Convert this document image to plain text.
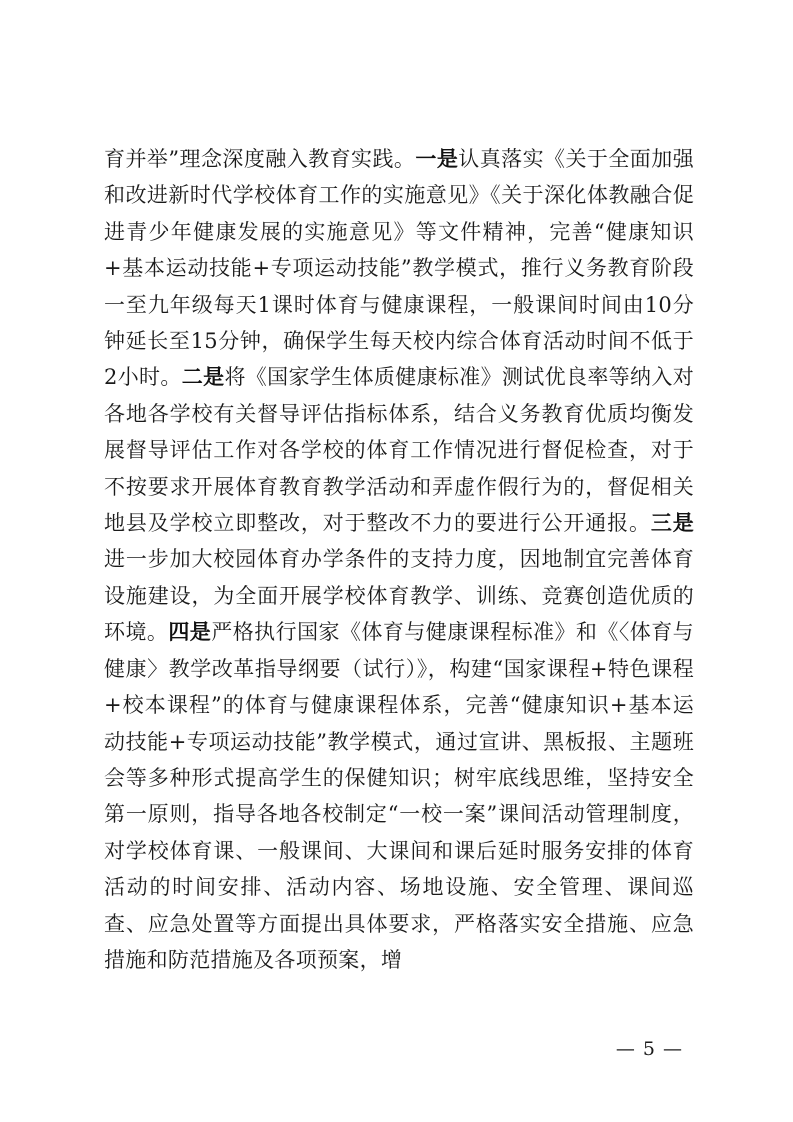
育并举”理念深度融入教育实践。一是认真落实《关于全面加强和改进新时代学校体育工作的实施意见》《关于深化体教融合促进青少年健康发展的实施意见》等文件精神，完善“健康知识+基本运动技能+专项运动技能”教学模式，推行义务教育阶段一至九年级每天1课时体育与健康课程，一般课间时间由10分钟延长至15分钟，确保学生每天校内综合体育活动时间不低于2小时。二是将《国家学生体质健康标准》测试优良率等纳入对各地各学校有关督导评估指标体系，结合义务教育优质均衡发展督导评估工作对各学校的体育工作情况进行督促检查，对于不按要求开展体育教育教学活动和弄虚作假行为的，督促相关地县及学校立即整改，对于整改不力的要进行公开通报。三是进一步加大校园体育办学条件的支持力度，因地制宜完善体育设施建设，为全面开展学校体育教学、训练、竞赛创造优质的环境。四是严格执行国家《体育与健康课程标准》和《〈体育与健康〉教学改革指导纲要（试行）》，构建“国家课程+特色课程+校本课程”的体育与健康课程体系，完善“健康知识+基本运动技能+专项运动技能”教学模式，通过宣讲、黑板报、主题班会等多种形式提高学生的保健知识；树牢底线思维，坚持安全第一原则，指导各地各校制定“一校一案”课间活动管理制度，对学校体育课、一般课间、大课间和课后延时服务安排的体育活动的时间安排、活动内容、场地设施、安全管理、课间巡查、应急处置等方面提出具体要求，严格落实安全措施、应急措施和防范措施及各项预案，增

— 5 —
